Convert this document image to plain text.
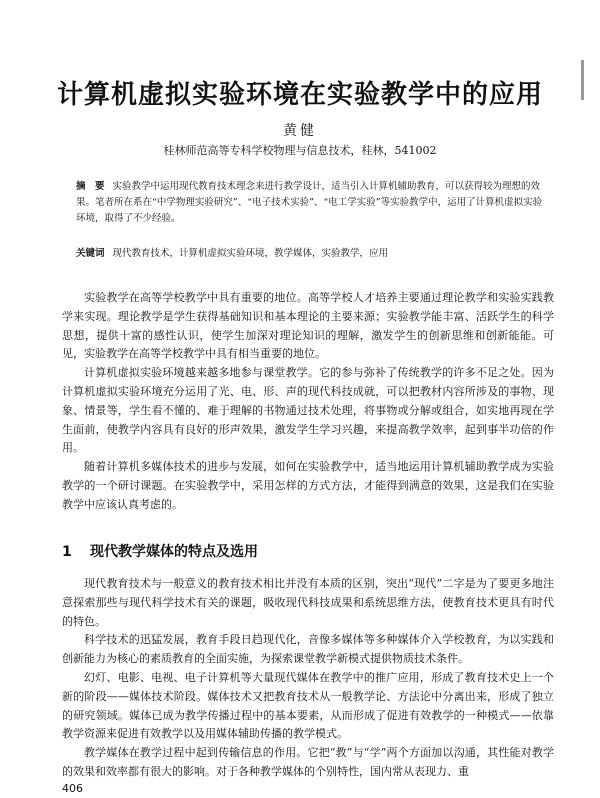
计算机虚拟实验环境在实验教学中的应用
黄健
桂林师范高等专科学校物理与信息技术，桂林，541002
摘　要 实验教学中运用现代教育技术理念来进行教学设计，适当引入计算机辅助教育，可以获得较为理想的效果。笔者所在系在“中学物理实验研究”、“电子技术实验”、“电工学实验”等实验教学中，运用了计算机虚拟实验环境，取得了不少经验。
关键词 现代教育技术，计算机虚拟实验环境，教学媒体，实验教学，应用

实验教学在高等学校教学中具有重要的地位。高等学校人才培养主要通过理论教学和实验实践教学来实现。理论教学是学生获得基础知识和基本理论的主要来源；实验教学能丰富、活跃学生的科学思想，提供十富的感性认识，使学生加深对理论知识的理解，激发学生的创新思维和创新能能。可见，实验教学在高等学校教学中具有相当重要的地位。

计算机虚拟实验环境越来越多地参与课堂教学。它的参与弥补了传统教学的许多不足之处。因为计算机虚拟实验环境充分运用了光、电、形、声的现代科技成就，可以把教材内容所涉及的事物、现象、情景等，学生看不懂的、难于理解的书物通过技术处理，将事物或分解或组合，如实地再现在学生面前，使教学内容具有良好的形声效果，激发学生学习兴趣，来提高教学效率，起到事半功倍的作用。

随着计算机多媒体技术的进步与发展，如何在实验教学中，适当地运用计算机辅助教学成为实验教学的一个研讨课题。在实验教学中，采用怎样的方式方法，才能得到满意的效果，这是我们在实验教学中应该认真考虑的。

1 现代教学媒体的特点及选用

现代教育技术与一般意义的教育技术相比并没有本质的区别，突出“现代”二字是为了要更多地注意探索那些与现代科学技术有关的课题，吸收现代科技成果和系统思维方法，使教育技术更具有时代的特色。

科学技术的迅猛发展，教育手段日趋现代化，音像多媒体等多种媒体介入学校教育，为以实践和创新能力为核心的素质教育的全面实施，为探索课堂教学新模式提供物质技术条件。

幻灯、电影、电视、电子计算机等大量现代媒体在教学中的推广应用，形成了教育技术史上一个新的阶段——媒体技术阶段。媒体技术又把教育技术从一般教学论、方法论中分离出来，形成了独立的研究领域。媒体已成为教学传播过程中的基本要素，从而形成了促进有效教学的一种模式——依靠教学资源来促进有效教学以及用媒体辅助传播的教学模式。

教学媒体在教学过程中起到传输信息的作用。它把“教”与“学”两个方面加以沟通，其性能对教学的效果和效率都有很大的影响。对于各种教学媒体的个别特性，国内常从表现力、重

406
